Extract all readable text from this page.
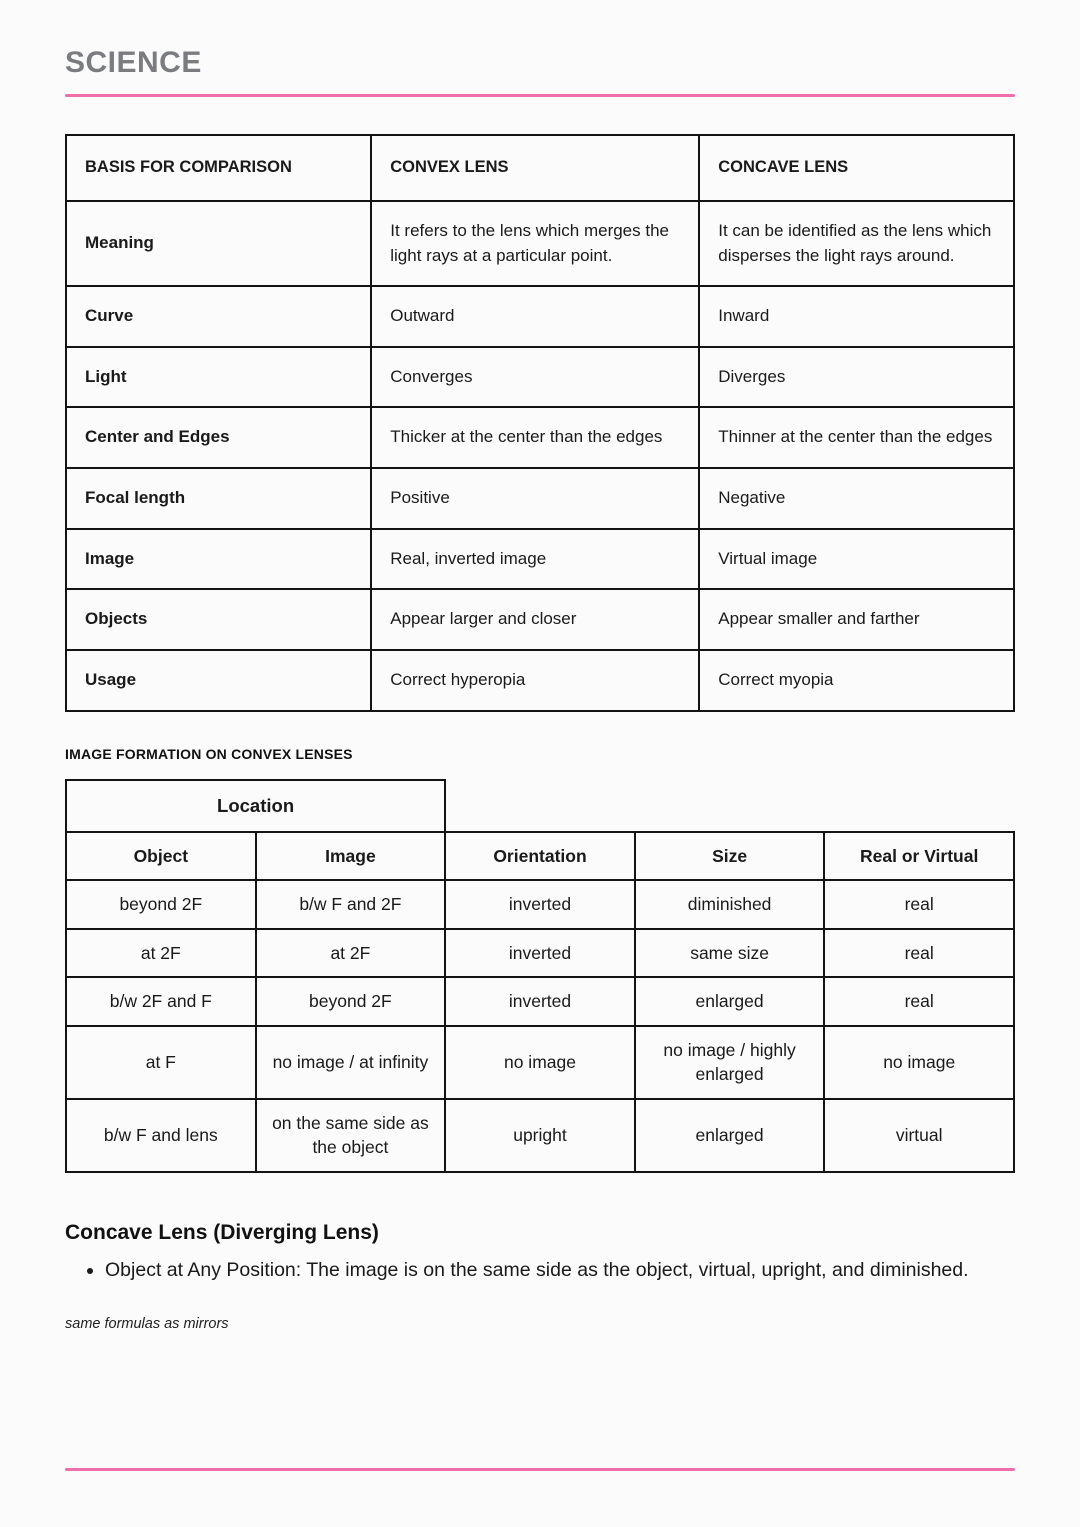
SCIENCE
BASIS FOR COMPARISON	CONVEX LENS	CONCAVE LENS
Meaning	It refers to the lens which merges the light rays at a particular point.	It can be identified as the lens which disperses the light rays around.
Curve	Outward	Inward
Light	Converges	Diverges
Center and Edges	Thicker at the center than the edges	Thinner at the center than the edges
Focal length	Positive	Negative
Image	Real, inverted image	Virtual image
Objects	Appear larger and closer	Appear smaller and farther
Usage	Correct hyperopia	Correct myopia
IMAGE FORMATION ON CONVEX LENSES
Location				
Object	Image	Orientation	Size	Real or Virtual
beyond 2F	b/w F and 2F	inverted	diminished	real
at 2F	at 2F	inverted	same size	real
b/w 2F and F	beyond 2F	inverted	enlarged	real
at F	no image / at infinity	no image	no image / highly enlarged	no image
b/w F and lens	on the same side as the object	upright	enlarged	virtual
Concave Lens (Diverging Lens)
• Object at Any Position: The image is on the same side as the object, virtual, upright, and diminished.
same formulas as mirrors
